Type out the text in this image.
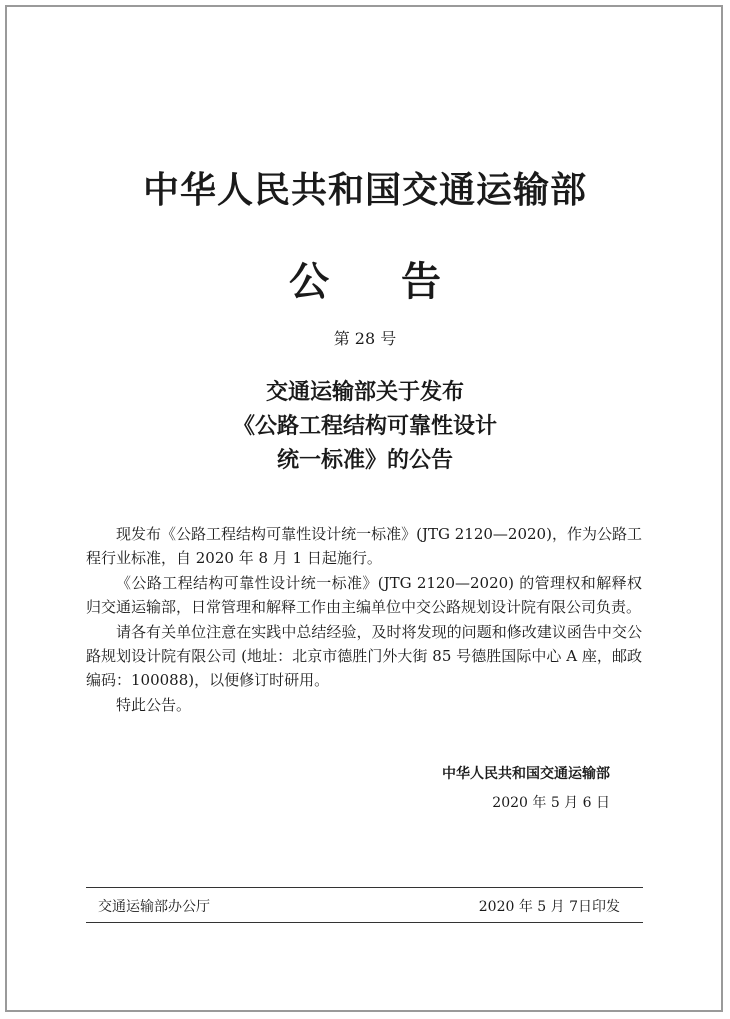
中华人民共和国交通运输部
公 告
第 28 号
交通运输部关于发布
《公路工程结构可靠性设计
统一标准》的公告

现发布《公路工程结构可靠性设计统一标准》(JTG 2120—2020)，作为公路工程行业标准，自 2020 年 8 月 1 日起施行。

《公路工程结构可靠性设计统一标准》(JTG 2120—2020) 的管理权和解释权归交通运输部，日常管理和解释工作由主编单位中交公路规划设计院有限公司负责。

请各有关单位注意在实践中总结经验，及时将发现的问题和修改建议函告中交公路规划设计院有限公司 (地址：北京市德胜门外大街 85 号德胜国际中心 A 座，邮政编码：100088)，以便修订时研用。

特此公告。

中华人民共和国交通运输部
2020 年 5 月 6 日
交通运输部办公厅	2020 年 5 月 7日印发
